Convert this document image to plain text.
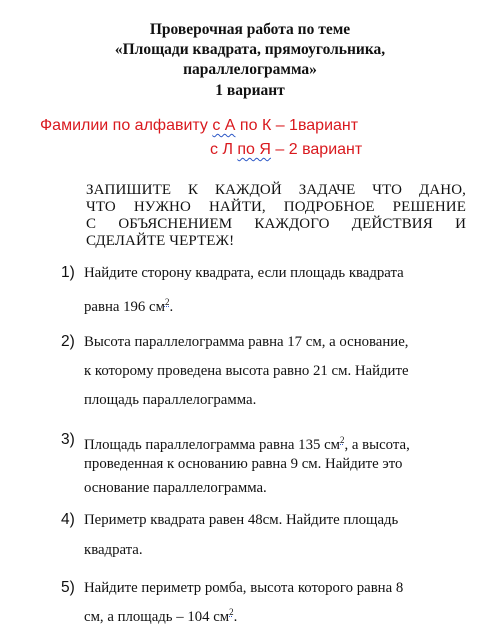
Проверочная работа по теме
«Площади квадрата, прямоугольника,
параллелограмма»
1 вариант
Фамилии по алфавиту с А по К – 1вариант
с Л по Я – 2 вариант
ЗАПИШИТЕ К КАЖДОЙ ЗАДАЧЕ ЧТО ДАНО,
ЧТО НУЖНО НАЙТИ, ПОДРОБНОЕ РЕШЕНИЕ
С ОБЪЯСНЕНИЕМ КАЖДОГО ДЕЙСТВИЯ И
СДЕЛАЙТЕ ЧЕРТЕЖ!
1) Найдите сторону квадрата, если площадь квадрата
равна 196 $см^2$.
2) Высота параллелограмма равна 17 см, а основание,
к которому проведена высота равно 21 см. Найдите
площадь параллелограмма.
3) Площадь параллелограмма равна 135 $см^2$, а высота,
проведенная к основанию равна 9 см. Найдите это
основание параллелограмма.
4) Периметр квадрата равен 48см. Найдите площадь
квадрата.
5) Найдите периметр ромба, высота которого равна 8
см, а площадь – 104 $см^2$.
